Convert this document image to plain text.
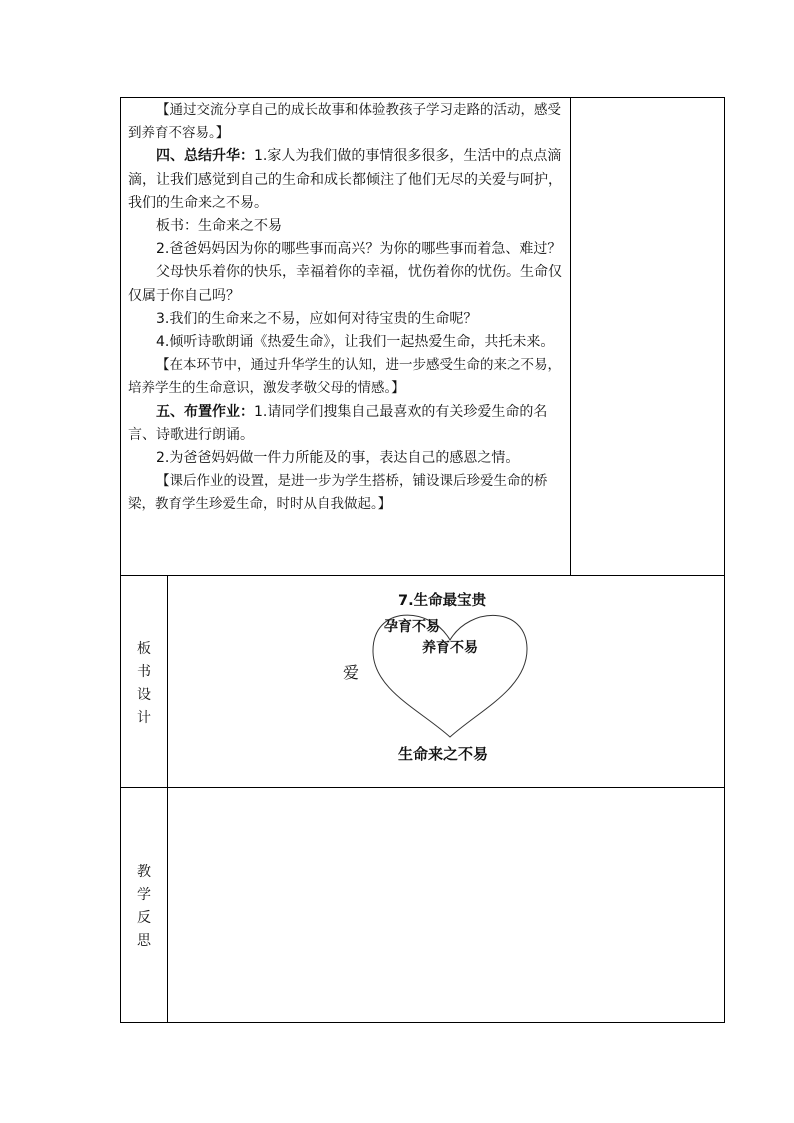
【通过交流分享自己的成长故事和体验教孩子学习走路的活动，感受到养育不容易。】

四、总结升华：1.家人为我们做的事情很多很多，生活中的点点滴滴，让我们感觉到自己的生命和成长都倾注了他们无尽的关爱与呵护，我们的生命来之不易。

板书：生命来之不易

2.爸爸妈妈因为你的哪些事而高兴？为你的哪些事而着急、难过？

父母快乐着你的快乐，幸福着你的幸福，忧伤着你的忧伤。生命仅仅属于你自己吗？

3.我们的生命来之不易，应如何对待宝贵的生命呢？

4.倾听诗歌朗诵《热爱生命》，让我们一起热爱生命，共托未来。

【在本环节中，通过升华学生的认知，进一步感受生命的来之不易，培养学生的生命意识，激发孝敬父母的情感。】

五、布置作业：1.请同学们搜集自己最喜欢的有关珍爱生命的名言、诗歌进行朗诵。

2.为爸爸妈妈做一件力所能及的事，表达自己的感恩之情。

【课后作业的设置，是进一步为学生搭桥，铺设课后珍爱生命的桥梁，教育学生珍爱生命，时时从自我做起。】

板
书
设
计
7.生命最宝贵
孕育不易
养育不易
爱
生命来之不易
教
学
反
思
